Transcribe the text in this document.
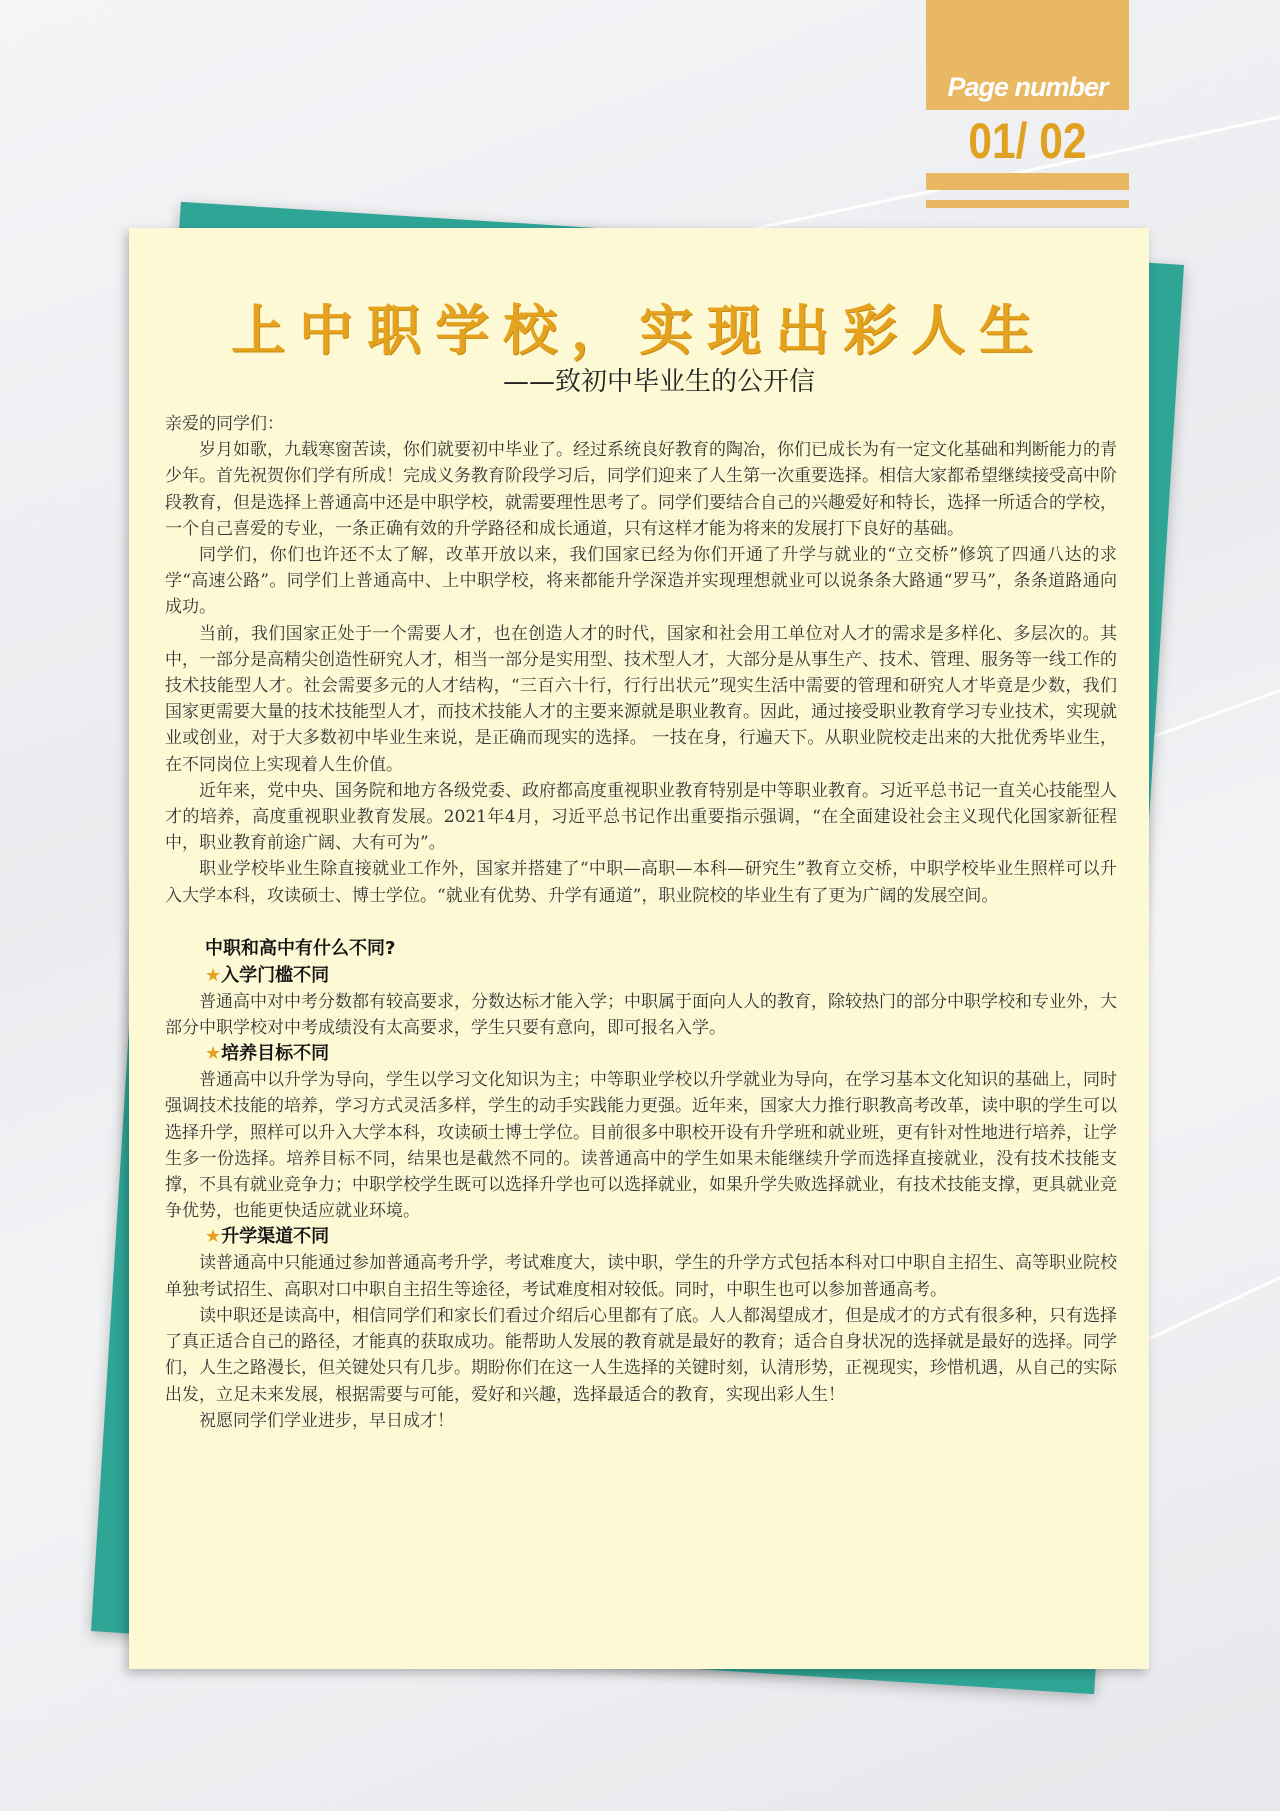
Page number
01/ 02
上中职学校，实现出彩人生
——致初中毕业生的公开信

亲爱的同学们：

岁月如歌，九载寒窗苦读，你们就要初中毕业了。经过系统良好教育的陶冶，你们已成长为有一定文化基础和判断能力的青少年。首先祝贺你们学有所成！完成义务教育阶段学习后，同学们迎来了人生第一次重要选择。相信大家都希望继续接受高中阶段教育，但是选择上普通高中还是中职学校，就需要理性思考了。同学们要结合自己的兴趣爱好和特长，选择一所适合的学校，一个自己喜爱的专业，一条正确有效的升学路径和成长通道，只有这样才能为将来的发展打下良好的基础。

同学们，你们也许还不太了解，改革开放以来，我们国家已经为你们开通了升学与就业的“立交桥”修筑了四通八达的求学“高速公路”。同学们上普通高中、上中职学校，将来都能升学深造并实现理想就业可以说条条大路通“罗马”，条条道路通向成功。

当前，我们国家正处于一个需要人才，也在创造人才的时代，国家和社会用工单位对人才的需求是多样化、多层次的。其中，一部分是高精尖创造性研究人才，相当一部分是实用型、技术型人才，大部分是从事生产、技术、管理、服务等一线工作的技术技能型人才。社会需要多元的人才结构，“三百六十行，行行出状元”现实生活中需要的管理和研究人才毕竟是少数，我们国家更需要大量的技术技能型人才，而技术技能人才的主要来源就是职业教育。因此，通过接受职业教育学习专业技术，实现就业或创业，对于大多数初中毕业生来说，是正确而现实的选择。 一技在身，行遍天下。从职业院校走出来的大批优秀毕业生，在不同岗位上实现着人生价值。

近年来，党中央、国务院和地方各级党委、政府都高度重视职业教育特别是中等职业教育。习近平总书记一直关心技能型人才的培养，高度重视职业教育发展。2021年4月，习近平总书记作出重要指示强调，“在全面建设社会主义现代化国家新征程中，职业教育前途广阔、大有可为”。

职业学校毕业生除直接就业工作外，国家并搭建了“中职—高职—本科—研究生”教育立交桥，中职学校毕业生照样可以升入大学本科，攻读硕士、博士学位。“就业有优势、升学有通道”，职业院校的毕业生有了更为广阔的发展空间。

中职和高中有什么不同?
★入学门槛不同

普通高中对中考分数都有较高要求，分数达标才能入学；中职属于面向人人的教育，除较热门的部分中职学校和专业外，大部分中职学校对中考成绩没有太高要求，学生只要有意向，即可报名入学。

★培养目标不同

普通高中以升学为导向，学生以学习文化知识为主；中等职业学校以升学就业为导向，在学习基本文化知识的基础上，同时强调技术技能的培养，学习方式灵活多样，学生的动手实践能力更强。近年来，国家大力推行职教高考改革，读中职的学生可以选择升学，照样可以升入大学本科，攻读硕士博士学位。目前很多中职校开设有升学班和就业班，更有针对性地进行培养，让学生多一份选择。培养目标不同，结果也是截然不同的。读普通高中的学生如果未能继续升学而选择直接就业，没有技术技能支撑，不具有就业竞争力；中职学校学生既可以选择升学也可以选择就业，如果升学失败选择就业，有技术技能支撑，更具就业竞争优势，也能更快适应就业环境。

★升学渠道不同

读普通高中只能通过参加普通高考升学，考试难度大，读中职，学生的升学方式包括本科对口中职自主招生、高等职业院校单独考试招生、高职对口中职自主招生等途径，考试难度相对较低。同时，中职生也可以参加普通高考。

读中职还是读高中，相信同学们和家长们看过介绍后心里都有了底。人人都渴望成才，但是成才的方式有很多种，只有选择了真正适合自己的路径，才能真的获取成功。能帮助人发展的教育就是最好的教育；适合自身状况的选择就是最好的选择。同学们，人生之路漫长，但关键处只有几步。期盼你们在这一人生选择的关键时刻，认清形势，正视现实，珍惜机遇，从自己的实际出发，立足未来发展，根据需要与可能，爱好和兴趣，选择最适合的教育，实现出彩人生！

祝愿同学们学业进步，早日成才！
